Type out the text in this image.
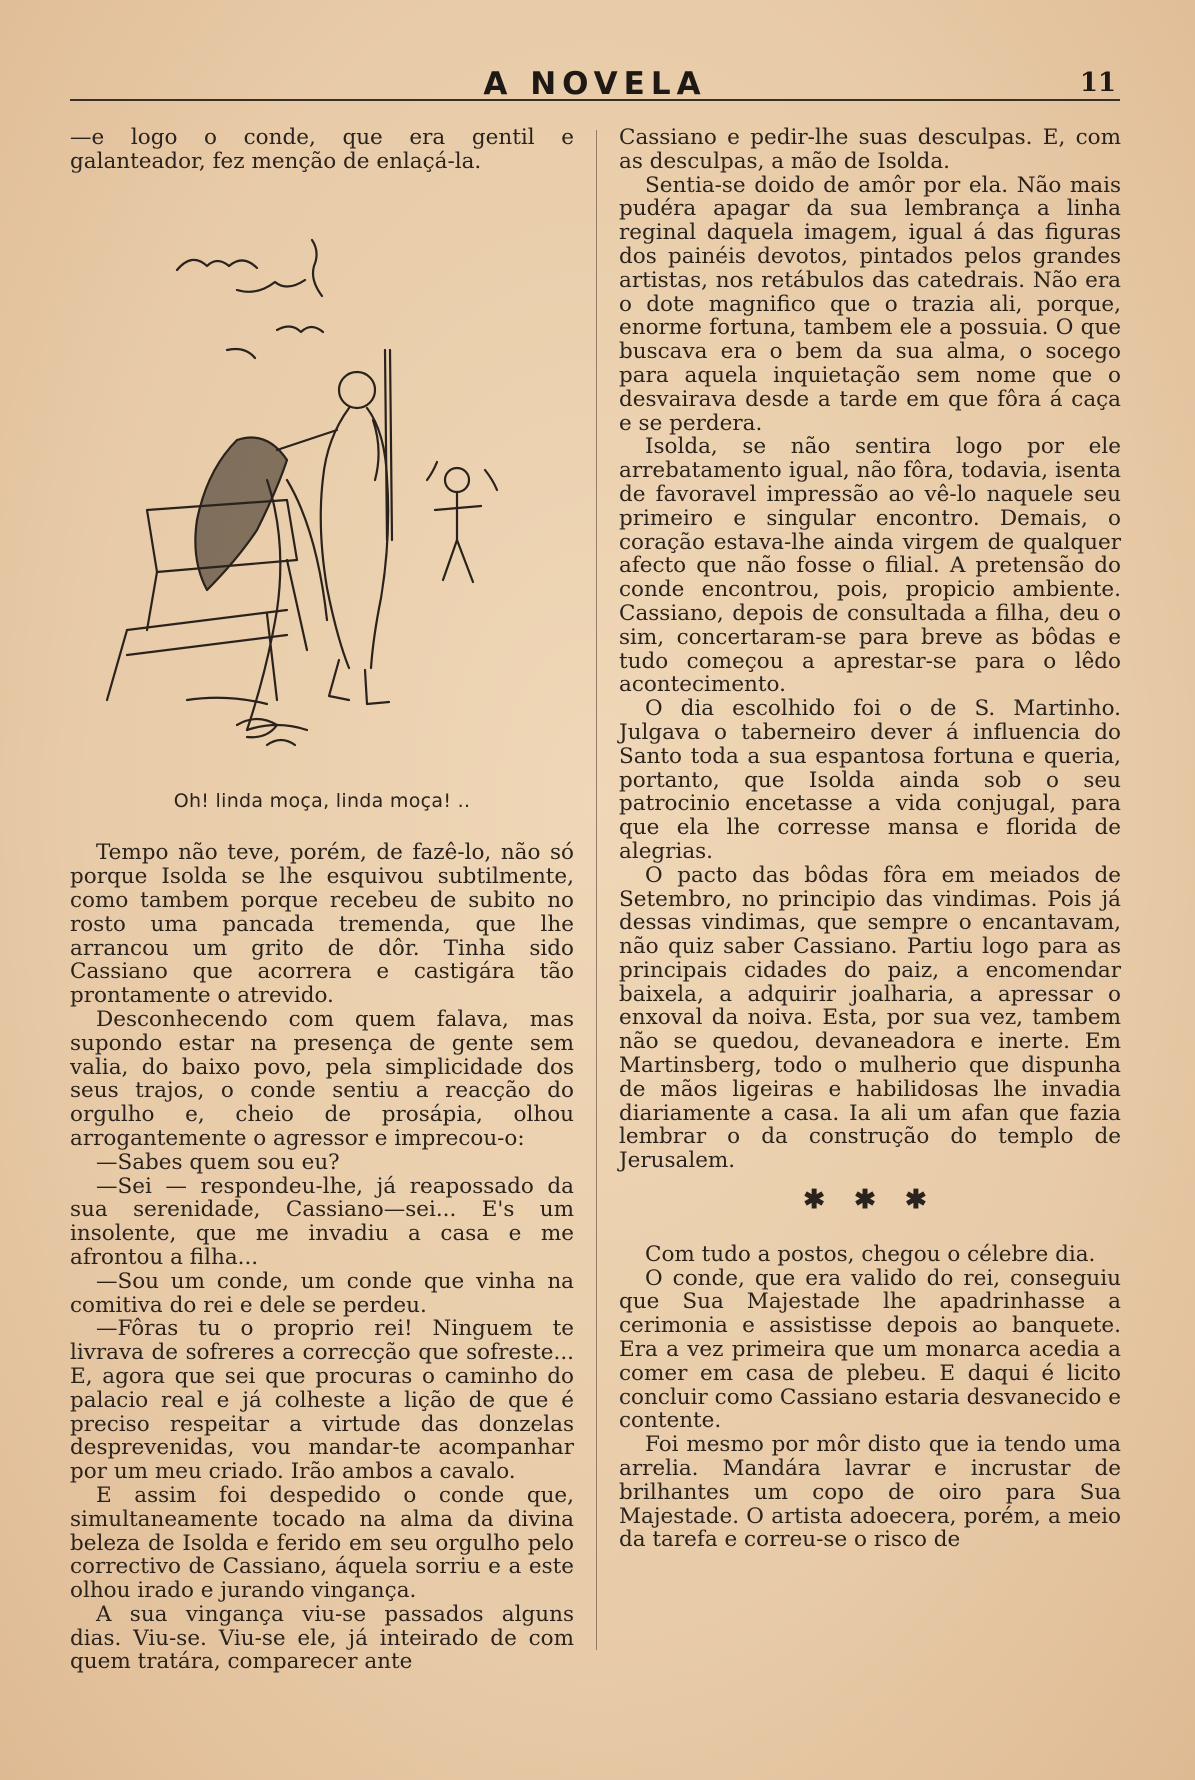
A NOVELA	11

—e logo o conde, que era gentil e galanteador, fez menção de enlaçá-la.

Oh! linda moça, linda moça! ..

Tempo não teve, porém, de fazê-lo, não só porque Isolda se lhe esquivou subtilmente, como tambem porque recebeu de subito no rosto uma pancada tremenda, que lhe arrancou um grito de dôr. Tinha sido Cassiano que acorrera e castigára tão prontamente o atrevido.

Desconhecendo com quem falava, mas supondo estar na presença de gente sem valia, do baixo povo, pela simplicidade dos seus trajos, o conde sentiu a reacção do orgulho e, cheio de prosápia, olhou arrogantemente o agressor e imprecou-o:

—Sabes quem sou eu?

—Sei — respondeu-lhe, já reapossado da sua serenidade, Cassiano—sei... E's um insolente, que me invadiu a casa e me afrontou a filha...

—Sou um conde, um conde que vinha na comitiva do rei e dele se perdeu.

—Fôras tu o proprio rei! Ninguem te livrava de sofreres a correcção que sofreste... E, agora que sei que procuras o caminho do palacio real e já colheste a lição de que é preciso respeitar a virtude das donzelas desprevenidas, vou mandar-te acompanhar por um meu criado. Irão ambos a cavalo.

E assim foi despedido o conde que, simultaneamente tocado na alma da divina beleza de Isolda e ferido em seu orgulho pelo correctivo de Cassiano, áquela sorriu e a este olhou irado e jurando vingança.

A sua vingança viu-se passados alguns dias. Viu-se. Viu-se ele, já inteirado de com quem tratára, comparecer ante

Cassiano e pedir-lhe suas desculpas. E, com as desculpas, a mão de Isolda.

Sentia-se doido de amôr por ela. Não mais pudéra apagar da sua lembrança a linha reginal daquela imagem, igual á das figuras dos painéis devotos, pintados pelos grandes artistas, nos retábulos das catedrais. Não era o dote magnifico que o trazia ali, porque, enorme fortuna, tambem ele a possuia. O que buscava era o bem da sua alma, o socego para aquela inquietação sem nome que o desvairava desde a tarde em que fôra á caça e se perdera.

Isolda, se não sentira logo por ele arrebatamento igual, não fôra, todavia, isenta de favoravel impressão ao vê-lo naquele seu primeiro e singular encontro. Demais, o coração estava-lhe ainda virgem de qualquer afecto que não fosse o filial. A pretensão do conde encontrou, pois, propicio ambiente. Cassiano, depois de consultada a filha, deu o sim, concertaram-se para breve as bôdas e tudo começou a aprestar-se para o lêdo acontecimento.

O dia escolhido foi o de S. Martinho. Julgava o taberneiro dever á influencia do Santo toda a sua espantosa fortuna e queria, portanto, que Isolda ainda sob o seu patrocinio encetasse a vida conjugal, para que ela lhe corresse mansa e florida de alegrias.

O pacto das bôdas fôra em meiados de Setembro, no principio das vindimas. Pois já dessas vindimas, que sempre o encantavam, não quiz saber Cassiano. Partiu logo para as principais cidades do paiz, a encomendar baixela, a adquirir joalharia, a apressar o enxoval da noiva. Esta, por sua vez, tambem não se quedou, devaneadora e inerte. Em Martinsberg, todo o mulherio que dispunha de mãos ligeiras e habilidosas lhe invadia diariamente a casa. Ia ali um afan que fazia lembrar o da construção do templo de Jerusalem.

✱ ✱ ✱

Com tudo a postos, chegou o célebre dia.

O conde, que era valido do rei, conseguiu que Sua Majestade lhe apadrinhasse a cerimonia e assistisse depois ao banquete. Era a vez primeira que um monarca acedia a comer em casa de plebeu. E daqui é licito concluir como Cassiano estaria desvanecido e contente.

Foi mesmo por môr disto que ia tendo uma arrelia. Mandára lavrar e incrustar de brilhantes um copo de oiro para Sua Majestade. O artista adoecera, porém, a meio da tarefa e correu-se o risco de
